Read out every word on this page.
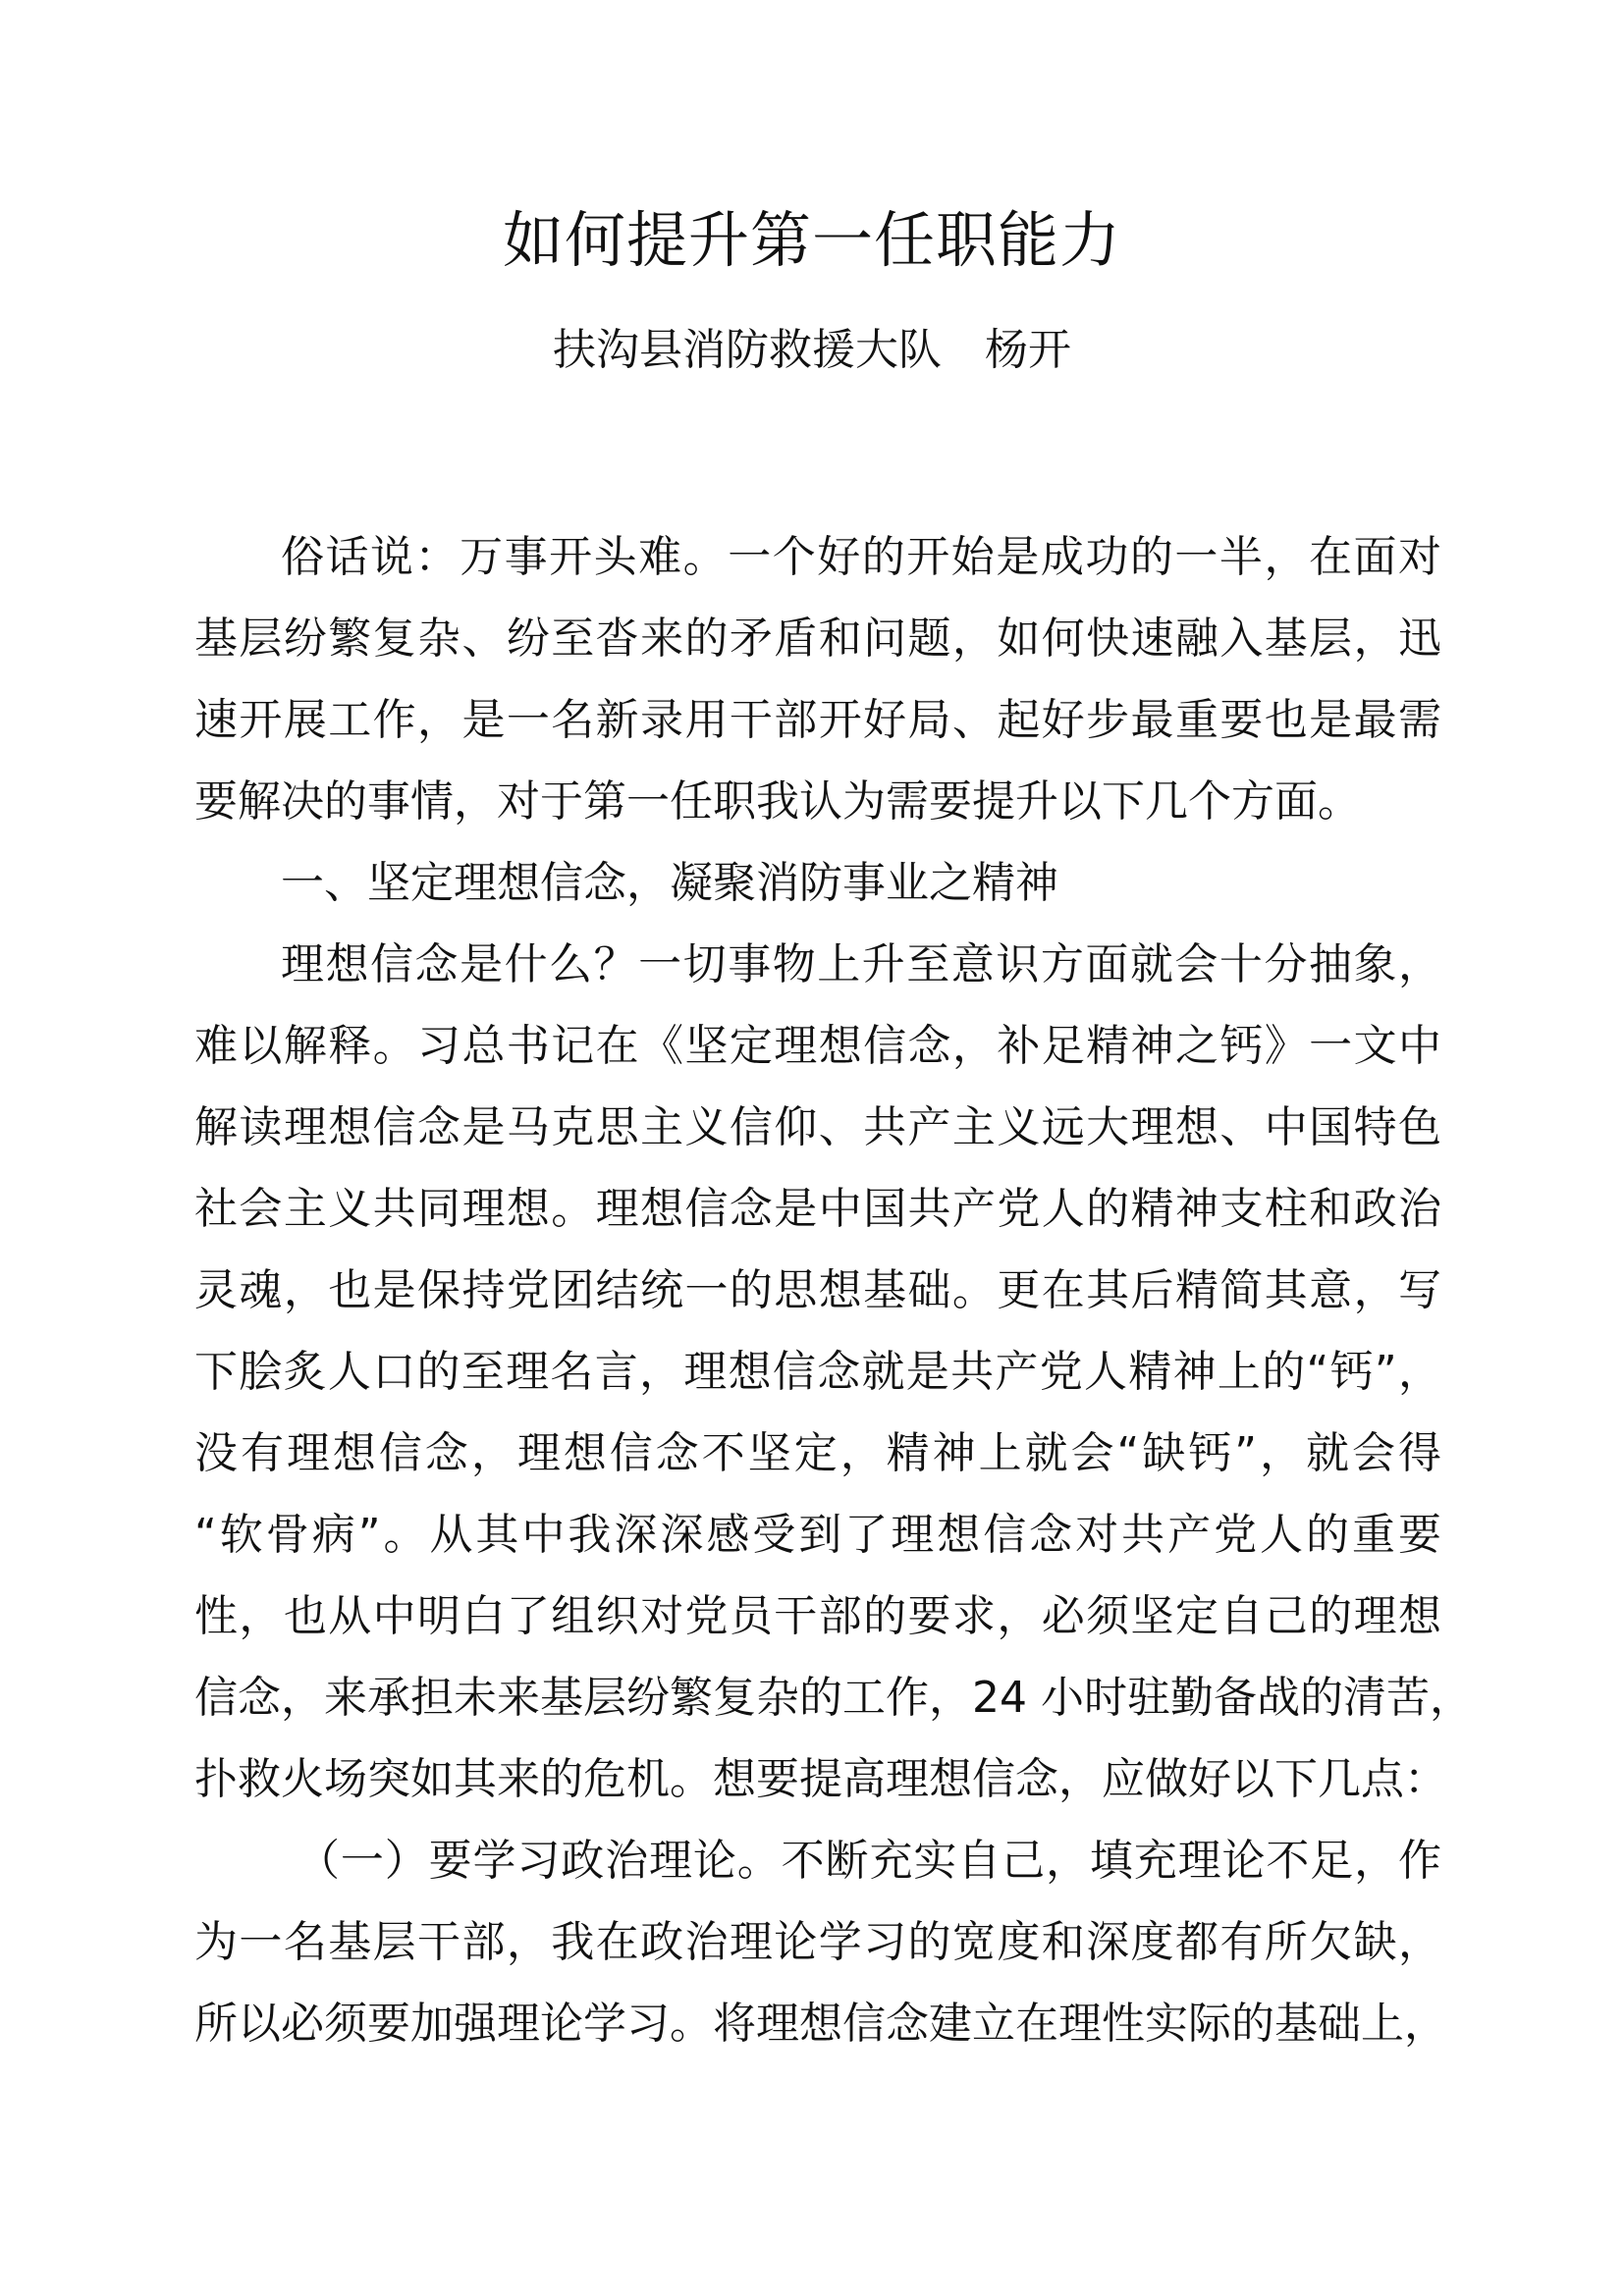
如何提升第一任职能力
扶沟县消防救援大队 杨开
俗话说：万事开头难。一个好的开始是成功的一半，在面对
基层纷繁复杂、纷至沓来的矛盾和问题，如何快速融入基层，迅
速开展工作，是一名新录用干部开好局、起好步最重要也是最需
要解决的事情，对于第一任职我认为需要提升以下几个方面。
一、坚定理想信念，凝聚消防事业之精神
理想信念是什么？一切事物上升至意识方面就会十分抽象，
难以解释。习总书记在《坚定理想信念，补足精神之钙》一文中
解读理想信念是马克思主义信仰、共产主义远大理想、中国特色
社会主义共同理想。理想信念是中国共产党人的精神支柱和政治
灵魂，也是保持党团结统一的思想基础。更在其后精简其意，写
下脍炙人口的至理名言，理想信念就是共产党人精神上的“钙”，
没有理想信念，理想信念不坚定，精神上就会“缺钙”，就会得
“软骨病”。从其中我深深感受到了理想信念对共产党人的重要
性，也从中明白了组织对党员干部的要求，必须坚定自己的理想
信念，来承担未来基层纷繁复杂的工作，24 小时驻勤备战的清苦，
扑救火场突如其来的危机。想要提高理想信念，应做好以下几点：
（一）要学习政治理论。不断充实自己，填充理论不足，作
为一名基层干部，我在政治理论学习的宽度和深度都有所欠缺，
所以必须要加强理论学习。将理想信念建立在理性实际的基础上，
